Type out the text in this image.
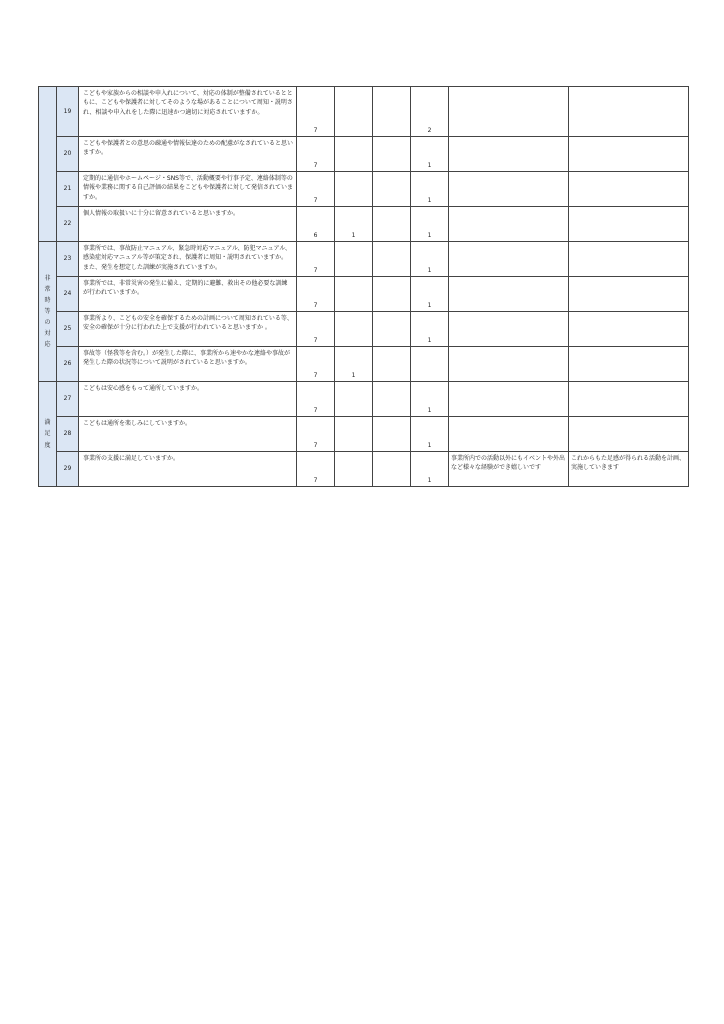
	19	こどもや家族からの相談や申入れについて、対応の体制が整備されているとともに、こどもや保護者に対してそのような場があることについて周知・説明され、相談や申入れをした際に迅速かつ適切に対応されていますか。	7			2		

	20	こどもや保護者との意思の疎通や情報伝達のための配慮がなされていると思いますか。	7			1		

	21	定期的に通信やホームページ・SNS等で、活動概要や行事予定、連絡体制等の情報や業務に関する自己評価の結果をこどもや保護者に対して発信されていますか。	7			1		

	22	個人情報の取扱いに十分に留意されていると思いますか。	6	1		1		

非常時等の対応	23	事業所では、事故防止マニュアル、緊急時対応マニュアル、防犯マニュアル、感染症対応マニュアル等が策定され、保護者に周知・説明されていますか。また、発生を想定した訓練が実施されていますか。	7			1		

	24	事業所では、非常災害の発生に備え、定期的に避難、救出その他必要な訓練が行われていますか。	7			1		

	25	事業所より、こどもの安全を確保するための計画について周知されている等、安全の確保が十分に行われた上で支援が行われていると思いますか 。	7			1		

	26	事故等（怪我等を含む。）が発生した際に、事業所から速やかな連絡や事故が発生した際の状況等について説明がされていると思いますか。	7	1				

満足度	27	こどもは安心感をもって通所していますか。	7			1		

	28	こどもは通所を楽しみにしていますか。	7			1		

	29	事業所の支援に満足していますか。	7			1	事業所内での活動以外にもイベントや外出など様々な経験ができ嬉しいです	これからもた足感が得られる活動を計画、実施していきます
